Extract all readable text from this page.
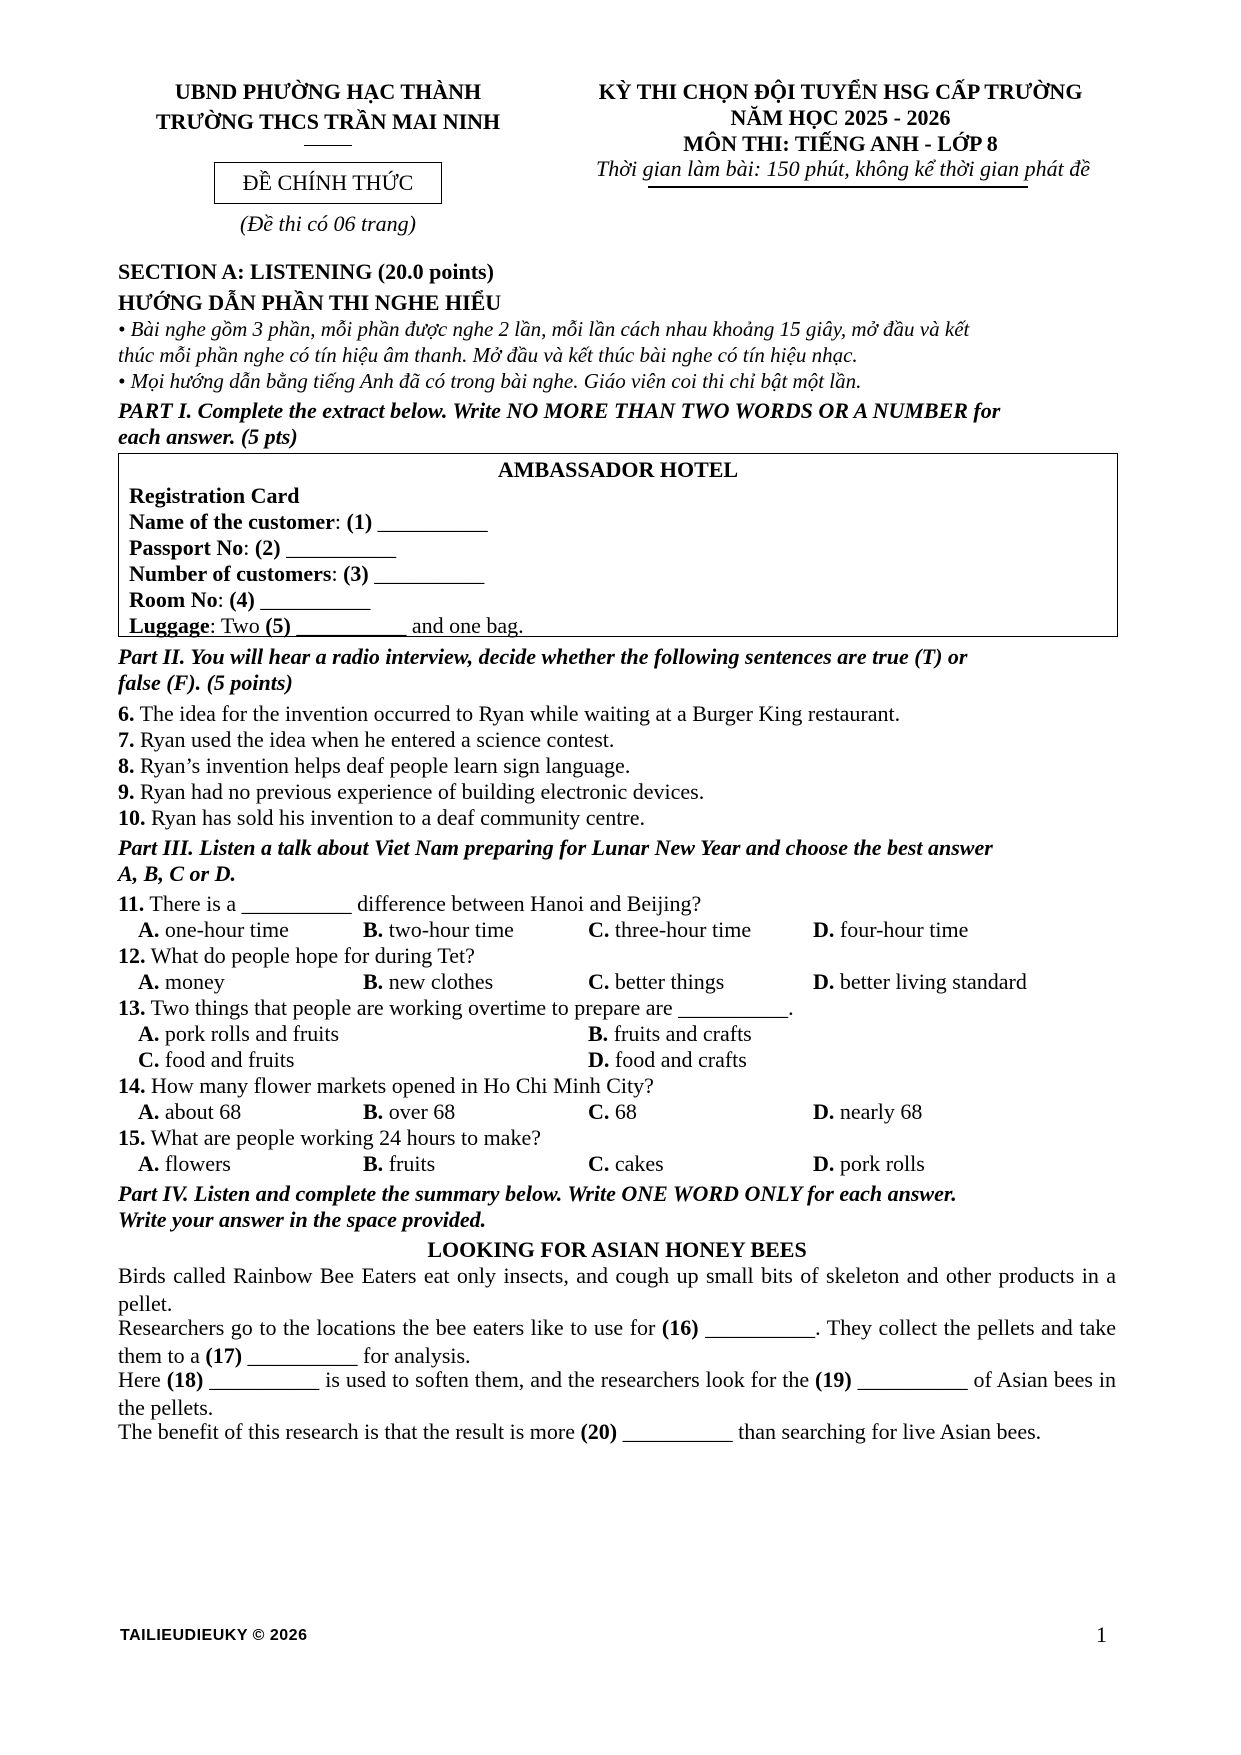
UBND PHƯỜNG HẠC THÀNH
TRƯỜNG THCS TRẦN MAI NINH
ĐỀ CHÍNH THỨC
(Đề thi có 06 trang)
KỲ THI CHỌN ĐỘI TUYỂN HSG CẤP TRƯỜNG
NĂM HỌC 2025 - 2026
MÔN THI: TIẾNG ANH - LỚP 8
Thời gian làm bài: 150 phút, không kể thời gian phát đề
SECTION A: LISTENING (20.0 points)
HƯỚNG DẪN PHẦN THI NGHE HIỂU
• Bài nghe gồm 3 phần, mỗi phần được nghe 2 lần, mỗi lần cách nhau khoảng 15 giây, mở đầu và kết
thúc mỗi phần nghe có tín hiệu âm thanh. Mở đầu và kết thúc bài nghe có tín hiệu nhạc.
• Mọi hướng dẫn bằng tiếng Anh đã có trong bài nghe. Giáo viên coi thi chỉ bật một lần.
PART I. Complete the extract below. Write NO MORE THAN TWO WORDS OR A NUMBER for
each answer. (5 pts)
AMBASSADOR HOTEL
Registration Card
Name of the customer: (1) __________
Passport No: (2) __________
Number of customers: (3) __________
Room No: (4) __________
Luggage: Two (5) __________ and one bag.
Part II. You will hear a radio interview, decide whether the following sentences are true (T) or
false (F). (5 points)
6. The idea for the invention occurred to Ryan while waiting at a Burger King restaurant.
7. Ryan used the idea when he entered a science contest.
8. Ryan’s invention helps deaf people learn sign language.
9. Ryan had no previous experience of building electronic devices.
10. Ryan has sold his invention to a deaf community centre.
Part III. Listen a talk about Viet Nam preparing for Lunar New Year and choose the best answer
A, B, C or D.
11. There is a __________ difference between Hanoi and Beijing?
A. one-hour time	B. two-hour time	C. three-hour time	D. four-hour time
12. What do people hope for during Tet?
A. money	B. new clothes	C. better things	D. better living standard
13. Two things that people are working overtime to prepare are __________.
A. pork rolls and fruits	B. fruits and crafts
C. food and fruits	D. food and crafts
14. How many flower markets opened in Ho Chi Minh City?
A. about 68	B. over 68	C. 68	D. nearly 68
15. What are people working 24 hours to make?
A. flowers	B. fruits	C. cakes	D. pork rolls
Part IV. Listen and complete the summary below. Write ONE WORD ONLY for each answer.
Write your answer in the space provided.
LOOKING FOR ASIAN HONEY BEES
Birds called Rainbow Bee Eaters eat only insects, and cough up small bits of skeleton and other products in a pellet.
Researchers go to the locations the bee eaters like to use for (16) __________. They collect the pellets and take them to a (17) __________ for analysis.
Here (18) __________ is used to soften them, and the researchers look for the (19) __________ of Asian bees in the pellets.
The benefit of this research is that the result is more (20) __________ than searching for live Asian bees.
TAILIEUDIEUKY © 2026	1
